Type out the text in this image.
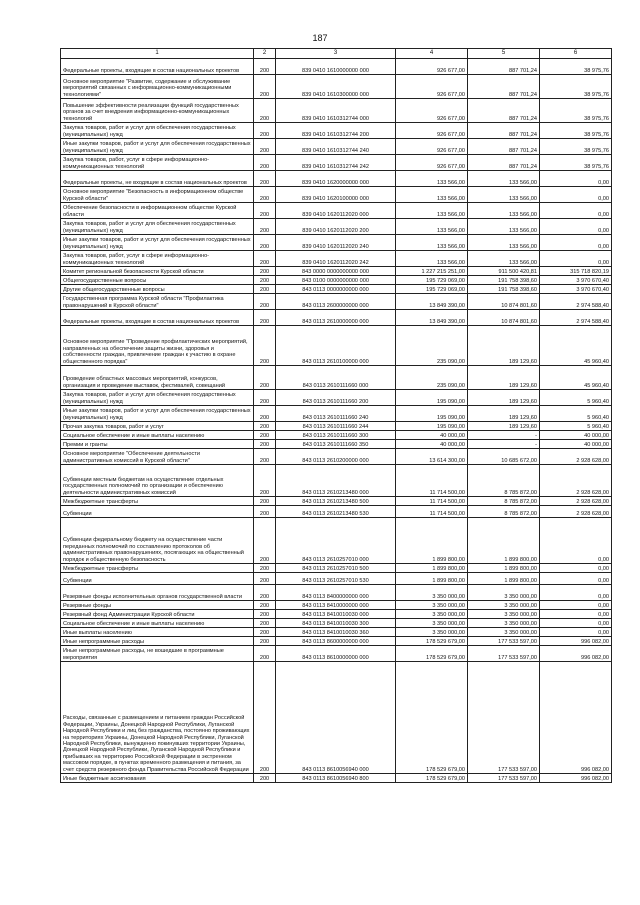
187
1	2	3	4	5	6
Федеральные проекты, входящие в состав национальных проектов	200	839 0410 1610000000 000	926 677,00	887 701,24	38 975,76
Основное мероприятие "Развитие, содержание и обслуживание мероприятий связанных с информационно-коммуникационными технологиями"	200	839 0410 1610300000 000	926 677,00	887 701,24	38 975,76
Повышение эффективности реализации функций государственных органов за счет внедрения информационно-коммуникационных технологий	200	839 0410 1610312744 000	926 677,00	887 701,24	38 975,76
Закупка товаров, работ и услуг для обеспечения государственных (муниципальных) нужд	200	839 0410 1610312744 200	926 677,00	887 701,24	38 975,76
Иные закупки товаров, работ и услуг для обеспечения государственных (муниципальных) нужд	200	839 0410 1610312744 240	926 677,00	887 701,24	38 975,76
Закупка товаров, работ, услуг в сфере информационно-коммуникационных технологий	200	839 0410 1610312744 242	926 677,00	887 701,24	38 975,76
Федеральные проекты, не входящие в состав национальных проектов	200	839 0410 1620000000 000	133 566,00	133 566,00	0,00
Основное мероприятие "Безопасность в информационном обществе Курской области"	200	839 0410 1620100000 000	133 566,00	133 566,00	0,00
Обеспечение безопасности в информационном обществе Курской области	200	839 0410 1620112020 000	133 566,00	133 566,00	0,00
Закупка товаров, работ и услуг для обеспечения государственных (муниципальных) нужд	200	839 0410 1620112020 200	133 566,00	133 566,00	0,00
Иные закупки товаров, работ и услуг для обеспечения государственных (муниципальных) нужд	200	839 0410 1620112020 240	133 566,00	133 566,00	0,00
Закупка товаров, работ, услуг в сфере информационно-коммуникационных технологий	200	839 0410 1620112020 242	133 566,00	133 566,00	0,00
Комитет региональной безопасности Курской области	200	843 0000 0000000000 000	1 227 215 251,00	911 500 420,81	315 718 820,19
Общегосударственные вопросы	200	843 0100 0000000000 000	195 729 069,00	191 758 398,60	3 970 670,40
Другие общегосударственные вопросы	200	843 0113 0000000000 000	195 729 069,00	191 758 398,60	3 970 670,40
Государственная программа Курской области "Профилактика правонарушений в Курской области"	200	843 0113 2600000000 000	13 849 390,00	10 874 801,60	2 974 588,40
Федеральные проекты, входящие в состав национальных проектов	200	843 0113 2610000000 000	13 849 390,00	10 874 801,60	2 974 588,40
Основное мероприятие "Проведение профилактических мероприятий, направленных на обеспечение защиты жизни, здоровья и собственности граждан, привлечение граждан к участию в охране общественного порядка"	200	843 0113 2610100000 000	235 090,00	189 129,60	45 960,40
Проведение областных массовых мероприятий, конкурсов, организация и проведение выставок, фестивалей, совещаний	200	843 0113 2610111660 000	235 090,00	189 129,60	45 960,40
Закупка товаров, работ и услуг для обеспечения государственных (муниципальных) нужд	200	843 0113 2610111660 200	195 090,00	189 129,60	5 960,40
Иные закупки товаров, работ и услуг для обеспечения государственных (муниципальных) нужд	200	843 0113 2610111660 240	195 090,00	189 129,60	5 960,40
Прочая закупка товаров, работ и услуг	200	843 0113 2610111660 244	195 090,00	189 129,60	5 960,40
Социальное обеспечение и иные выплаты населению	200	843 0113 2610111660 300	40 000,00	-	40 000,00
Премии и гранты	200	843 0113 2610111660 350	40 000,00	-	40 000,00
Основное мероприятие "Обеспечение деятельности административных комиссий в Курской области"	200	843 0113 2610200000 000	13 614 300,00	10 685 672,00	2 928 628,00
Субвенции местным бюджетам на осуществление отдельных государственных полномочий по организации и обеспечению деятельности административных комиссий	200	843 0113 2610213480 000	11 714 500,00	8 785 872,00	2 928 628,00
Межбюджетные трансферты	200	843 0113 2610213480 500	11 714 500,00	8 785 872,00	2 928 628,00
Субвенции	200	843 0113 2610213480 530	11 714 500,00	8 785 872,00	2 928 628,00
Субвенции федеральному бюджету на осуществление части переданных полномочий по составлению протоколов об административных правонарушениях, посягающих на общественный порядок и общественную безопасность	200	843 0113 2610257010 000	1 899 800,00	1 899 800,00	0,00
Межбюджетные трансферты	200	843 0113 2610257010 500	1 899 800,00	1 899 800,00	0,00
Субвенции	200	843 0113 2610257010 530	1 899 800,00	1 899 800,00	0,00
Резервные фонды исполнительных органов государственной власти	200	843 0113 8400000000 000	3 350 000,00	3 350 000,00	0,00
Резервные фонды	200	843 0113 8410000000 000	3 350 000,00	3 350 000,00	0,00
Резервный фонд Администрации Курской области	200	843 0113 8410010030 000	3 350 000,00	3 350 000,00	0,00
Социальное обеспечение и иные выплаты населению	200	843 0113 8410010030 300	3 350 000,00	3 350 000,00	0,00
Иные выплаты населению	200	843 0113 8410010030 360	3 350 000,00	3 350 000,00	0,00
Иные непрограммные расходы	200	843 0113 8600000000 000	178 529 679,00	177 533 597,00	996 082,00
Иные непрограммные расходы, не вошедшие в программные мероприятия	200	843 0113 8610000000 000	178 529 679,00	177 533 597,00	996 082,00
Расходы, связанные с размещением и питанием граждан Российской Федерации, Украины, Донецкой Народной Республики, Луганской Народной Республики и лиц без гражданства, постоянно проживающих на территориях Украины, Донецкой Народной Республики, Луганской Народной Республики, вынужденно покинувших территории Украины, Донецкой Народной Республики, Луганской Народной Республики и прибывших на территорию Российской Федерации в экстренном массовом порядке, в пунктах временного размещения и питания, за счет средств резервного фонда Правительства Российской Федерации	200	843 0113 8610056940 000	178 529 679,00	177 533 597,00	996 082,00
Иные бюджетные ассигнования	200	843 0113 8610056940 800	178 529 679,00	177 533 597,00	996 082,00
